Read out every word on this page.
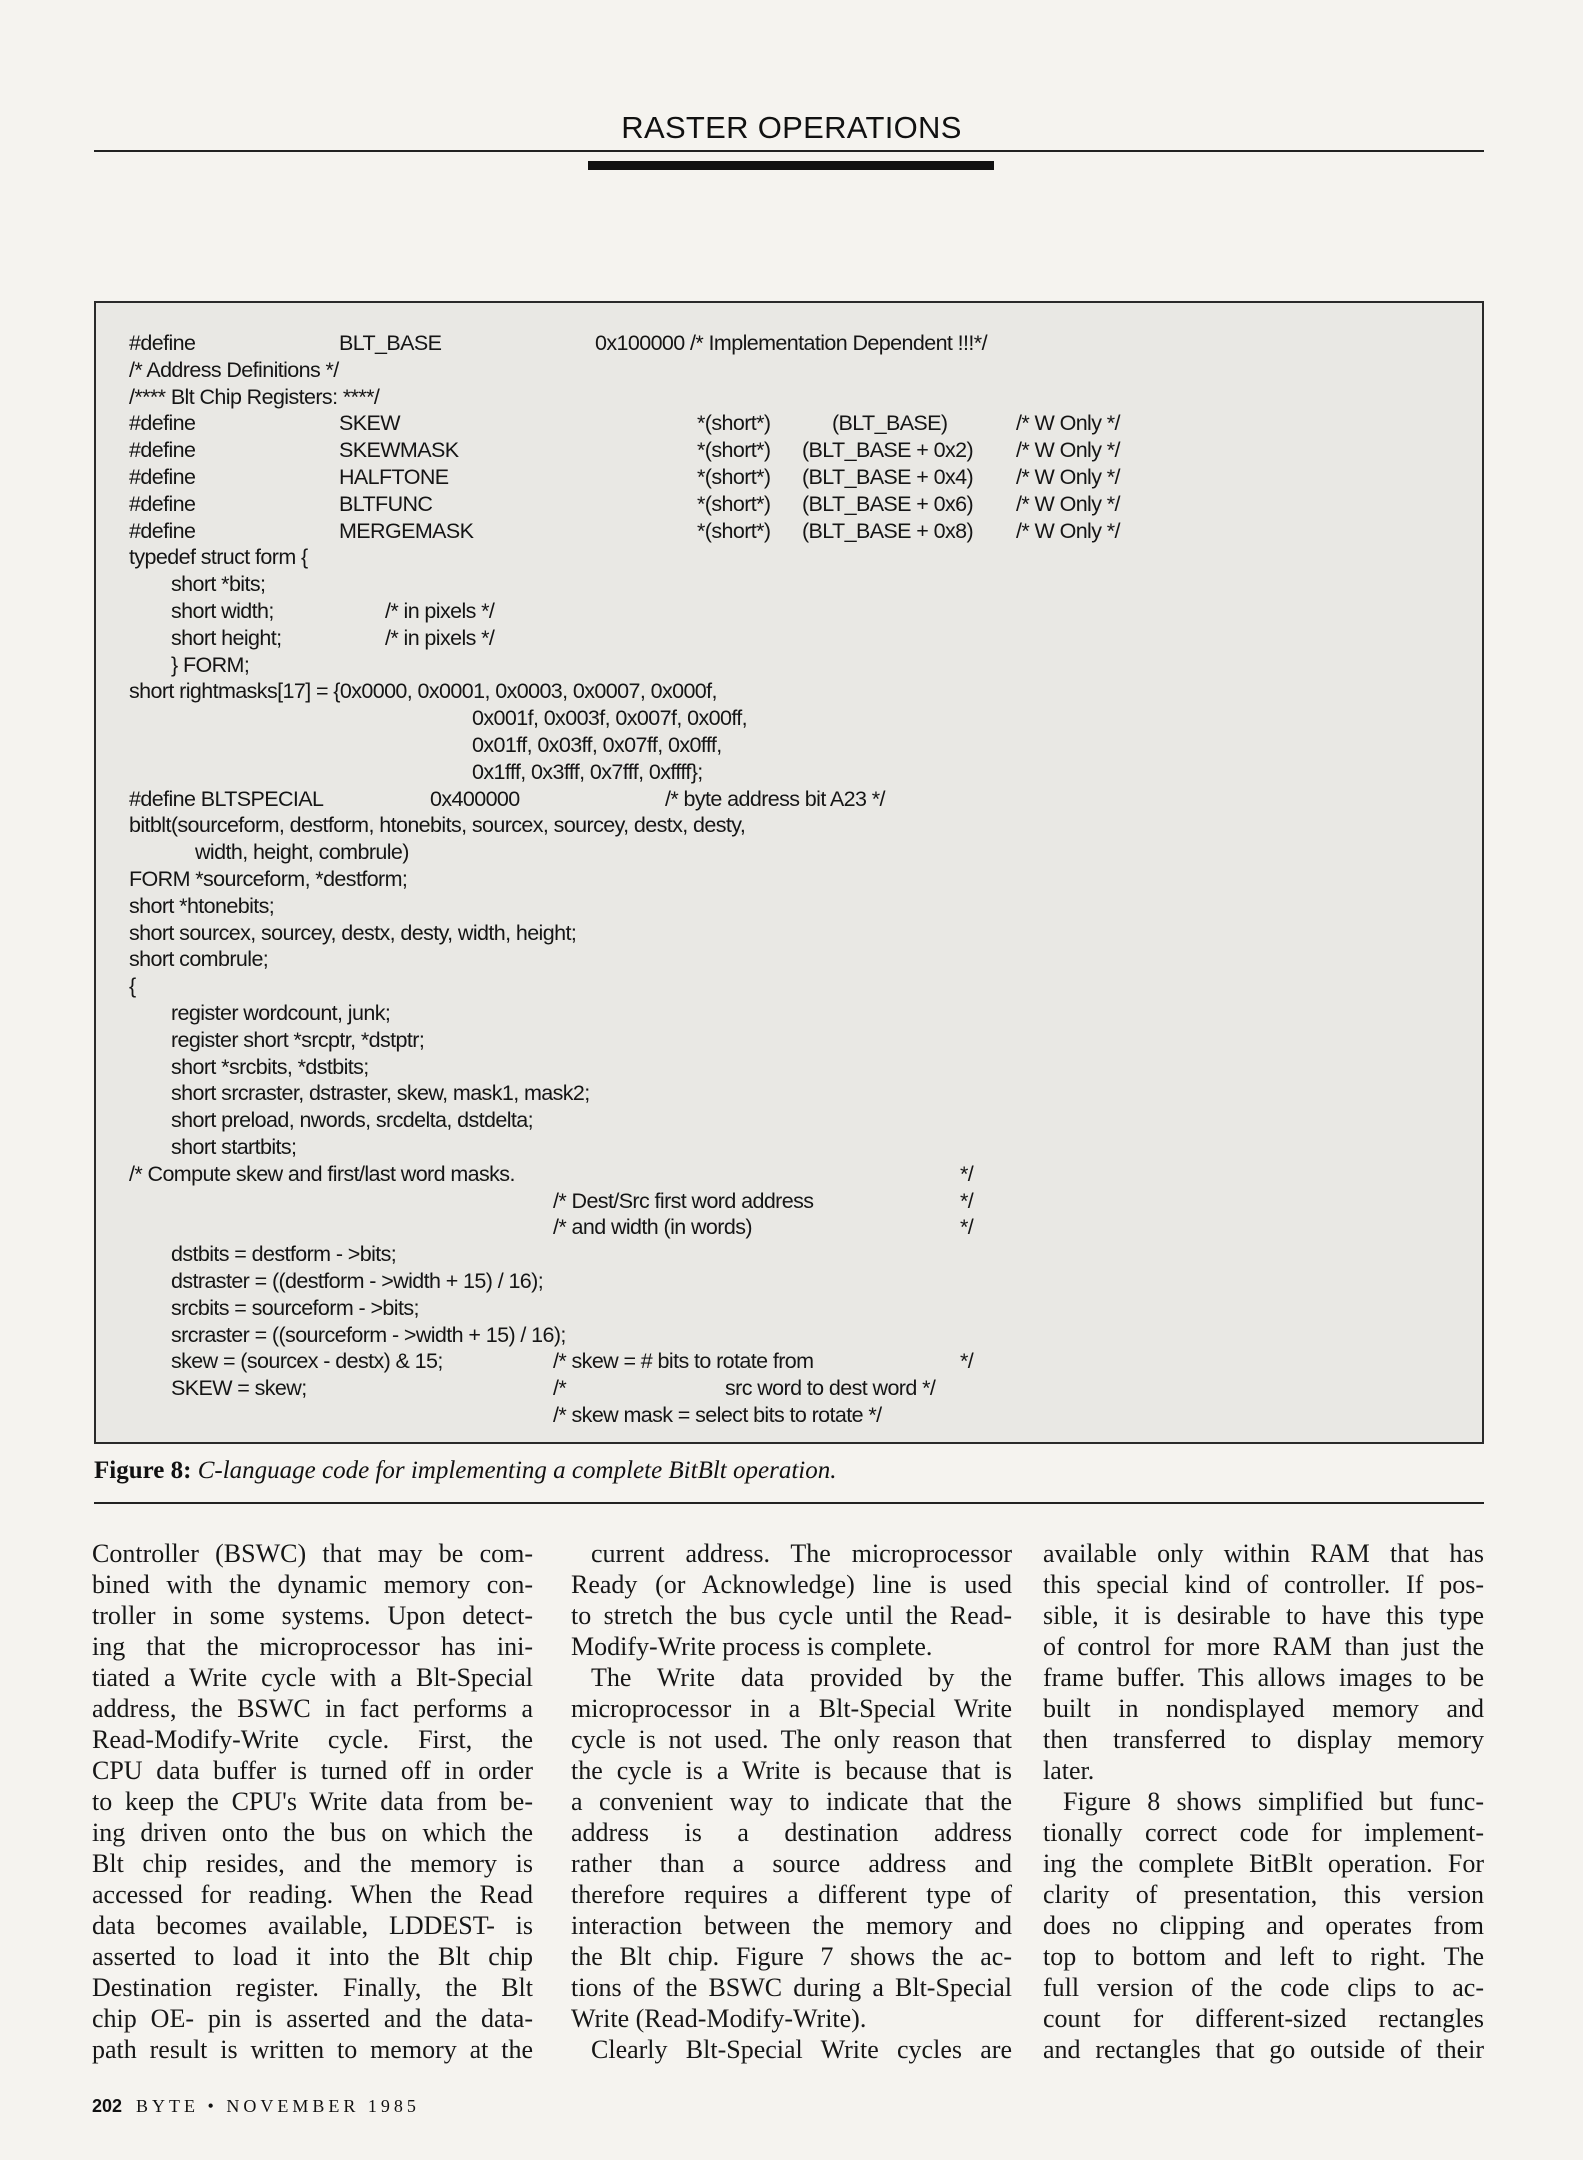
RASTER OPERATIONS
#define	BLT_BASE	0x100000 /* Implementation Dependent !!!*/
/* Address Definitions */
/**** Blt Chip Registers: ****/
#define	SKEW	*(short*)	(BLT_BASE)	/* W Only */
#define	SKEWMASK	*(short*) (BLT_BASE + 0x2) /* W Only */
#define	HALFTONE	*(short*) (BLT_BASE + 0x4) /* W Only */
#define	BLTFUNC	*(short*) (BLT_BASE + 0x6) /* W Only */
#define	MERGEMASK	*(short*) (BLT_BASE + 0x8) /* W Only */
typedef struct form {
short *bits;
short width;	/* in pixels */
short height;	/* in pixels */
} FORM;
short rightmasks[17] = {0x0000, 0x0001, 0x0003, 0x0007, 0x000f,
0x001f, 0x003f, 0x007f, 0x00ff,
0x01ff, 0x03ff, 0x07ff, 0x0fff,
0x1fff, 0x3fff, 0x7fff, 0xffff};
#define BLTSPECIAL	0x400000	/* byte address bit A23 */
bitblt(sourceform, destform, htonebits, sourcex, sourcey, destx, desty,
width, height, combrule)
FORM *sourceform, *destform;
short *htonebits;
short sourcex, sourcey, destx, desty, width, height;
short combrule;
{
register wordcount, junk;
register short *srcptr, *dstptr;
short *srcbits, *dstbits;
short srcraster, dstraster, skew, mask1, mask2;
short preload, nwords, srcdelta, dstdelta;
short startbits;
/* Compute skew and first/last word masks.	*/
/* Dest/Src first word address	*/
/* and width (in words)	*/
dstbits = destform - >bits;
dstraster = ((destform - >width + 15) / 16);
srcbits = sourceform - >bits;
srcraster = ((sourceform - >width + 15) / 16);
skew = (sourcex - destx) & 15;	/* skew = # bits to rotate from	*/
SKEW = skew;	/*	src word to dest word */
/* skew mask = select bits to rotate */
Figure 8: C-language code for implementing a complete BitBlt operation.
Controller (BSWC) that may be com-
bined with the dynamic memory con-
troller in some systems. Upon detect-
ing that the microprocessor has ini-
tiated a Write cycle with a Blt-Special
address, the BSWC in fact performs a
Read-Modify-Write cycle. First, the
CPU data buffer is turned off in order
to keep the CPU's Write data from be-
ing driven onto the bus on which the
Blt chip resides, and the memory is
accessed for reading. When the Read
data becomes available, LDDEST- is
asserted to load it into the Blt chip
Destination register. Finally, the Blt
chip OE- pin is asserted and the data-
path result is written to memory at the
current address. The microprocessor
Ready (or Acknowledge) line is used
to stretch the bus cycle until the Read-
Modify-Write process is complete.
The Write data provided by the
microprocessor in a Blt-Special Write
cycle is not used. The only reason that
the cycle is a Write is because that is
a convenient way to indicate that the
address is a destination address
rather than a source address and
therefore requires a different type of
interaction between the memory and
the Blt chip. Figure 7 shows the ac-
tions of the BSWC during a Blt-Special
Write (Read-Modify-Write).
Clearly Blt-Special Write cycles are
available only within RAM that has
this special kind of controller. If pos-
sible, it is desirable to have this type
of control for more RAM than just the
frame buffer. This allows images to be
built in nondisplayed memory and
then transferred to display memory
later.
Figure 8 shows simplified but func-
tionally correct code for implement-
ing the complete BitBlt operation. For
clarity of presentation, this version
does no clipping and operates from
top to bottom and left to right. The
full version of the code clips to ac-
count for different-sized rectangles
and rectangles that go outside of their
202 BYTE • NOVEMBER 1985
